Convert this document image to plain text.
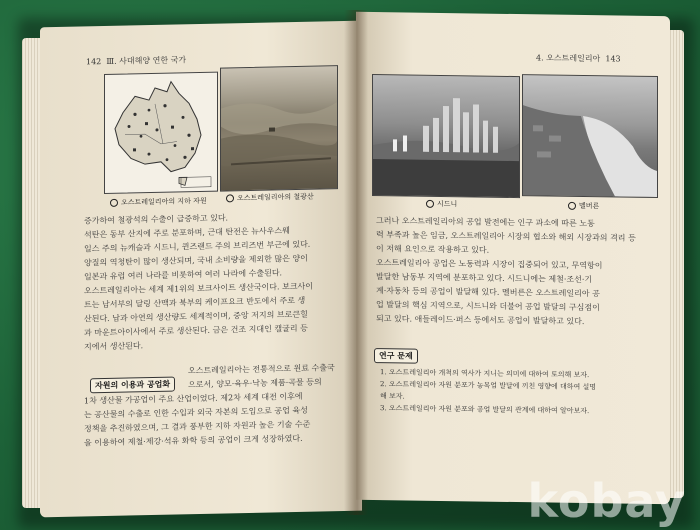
142 Ⅲ. 사대해양 연한 국가
오스트레일리아의 지하 자원	오스트레일리아의 철광산

증가하여 철광석의 수출이 급증하고 있다.

석탄은 동부 산지에 주로 분포하며, 근대 탄전은 뉴사우스웨

일스 주의 뉴캐슬과 시드니, 퀸즈랜드 주의 브리즈번 부근에 있다.

양질의 역청탄이 많이 생산되며, 국내 소비량을 제외한 많은 양이

일본과 유럽 여러 나라를 비롯하여 여러 나라에 수출된다.

오스트레일리아는 세계 제1위의 보크사이트 생산국이다. 보크사이

트는 남서부의 달링 산맥과 북부의 케이프요크 반도에서 주로 생

산된다. 납과 아연의 생산량도 세계적이며, 중앙 저지의 브로큰힐

과 마운트아이사에서 주로 생산된다. 금은 건조 지대인 캘굴리 등

지에서 생산된다.

자원의 이용과 공업화

오스트레일리아는 전통적으로 원료 수출국

으로서, 양모·육우·낙농 제품·곡물 등의

1차 생산물 가공업이 주요 산업이었다. 제2차 세계 대전 이후에

는 공산물의 수출로 인한 수입과 외국 자본의 도입으로 공업 육성

정책을 추진하였으며, 그 결과 풍부한 지하 자원과 높은 기술 수준

을 이용하여 제철·제강·석유 화학 등의 공업이 크게 성장하였다.

4. 오스트레일리아 143
시드니	멜버른

그러나 오스트레일리아의 공업 발전에는 인구 과소에 따른 노동

력 부족과 높은 임금, 오스트레일리아 시장의 협소와 해외 시장과의 격리 등

이 저해 요인으로 작용하고 있다.

오스트레일리아 공업은 노동력과 시장이 집중되어 있고, 무역항이

발달한 남동부 지역에 분포하고 있다. 시드니에는 제철·조선·기

계·자동차 등의 공업이 발달해 있다. 멜버른은 오스트레일리아 공

업 발달의 핵심 지역으로, 시드니와 더불어 공업 발달의 구심점이

되고 있다. 애들레이드·퍼스 등에서도 공업이 발달하고 있다.

연구 문제

1. 오스트레일리아 개척의 역사가 지니는 의미에 대하여 토의해 보자.

2. 오스트레일리아 자원 분포가 농목업 발달에 끼친 영향에 대하여 설명

해 보자.

3. 오스트레일리아 자원 분포와 공업 발달의 관계에 대하여 알아보자.

kobay
